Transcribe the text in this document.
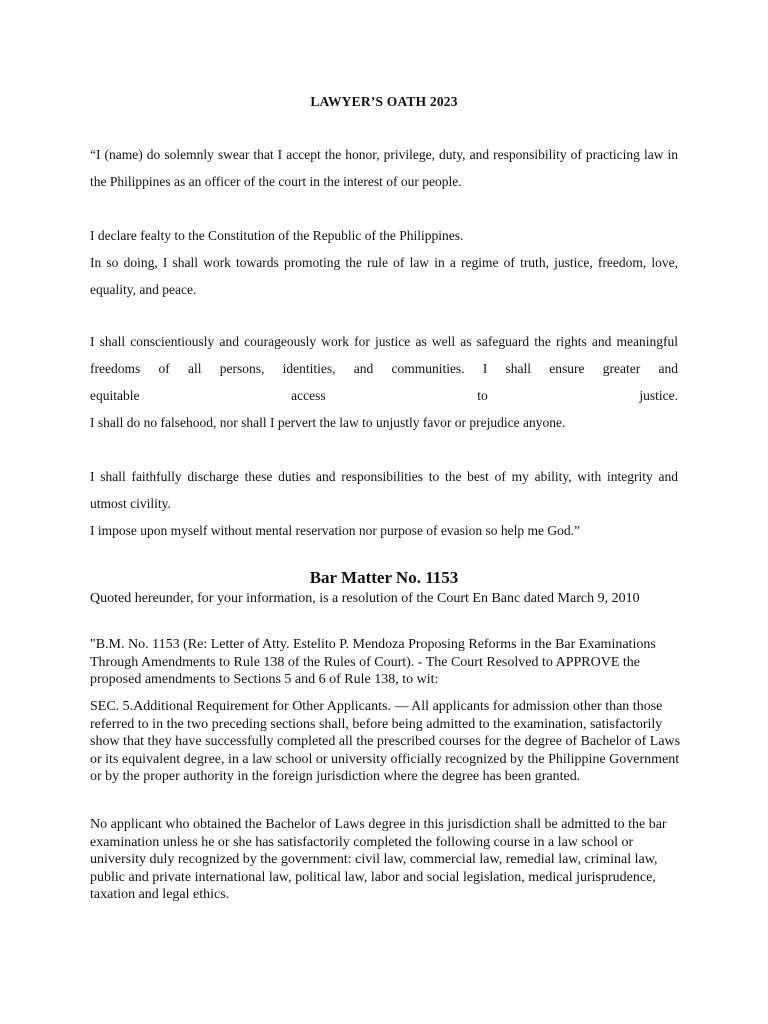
LAWYER’S OATH 2023

“I (name) do solemnly swear that I accept the honor, privilege, duty, and responsibility of practicing law in the Philippines as an officer of the court in the interest of our people.

I declare fealty to the Constitution of the Republic of the Philippines.

In so doing, I shall work towards promoting the rule of law in a regime of truth, justice, freedom, love, equality, and peace.

I shall conscientiously and courageously work for justice as well as safeguard the rights and meaningful freedoms of all persons, identities, and communities. I shall ensure greater and

equitable	access	to	justice.

I shall do no falsehood, nor shall I pervert the law to unjustly favor or prejudice anyone.

I shall faithfully discharge these duties and responsibilities to the best of my ability, with integrity and utmost civility.

I impose upon myself without mental reservation nor purpose of evasion so help me God.”

Bar Matter No. 1153

Quoted hereunder, for your information, is a resolution of the Court En Banc dated March 9, 2010

"B.M. No. 1153 (Re: Letter of Atty. Estelito P. Mendoza Proposing Reforms in the Bar Examinations Through Amendments to Rule 138 of the Rules of Court). - The Court Resolved to APPROVE the proposed amendments to Sections 5 and 6 of Rule 138, to wit:

SEC. 5.Additional Requirement for Other Applicants. — All applicants for admission other than those referred to in the two preceding sections shall, before being admitted to the examination, satisfactorily show that they have successfully completed all the prescribed courses for the degree of Bachelor of Laws or its equivalent degree, in a law school or university officially recognized by the Philippine Government or by the proper authority in the foreign jurisdiction where the degree has been granted.

No applicant who obtained the Bachelor of Laws degree in this jurisdiction shall be admitted to the bar examination unless he or she has satisfactorily completed the following course in a law school or university duly recognized by the government: civil law, commercial law, remedial law, criminal law, public and private international law, political law, labor and social legislation, medical jurisprudence, taxation and legal ethics.
